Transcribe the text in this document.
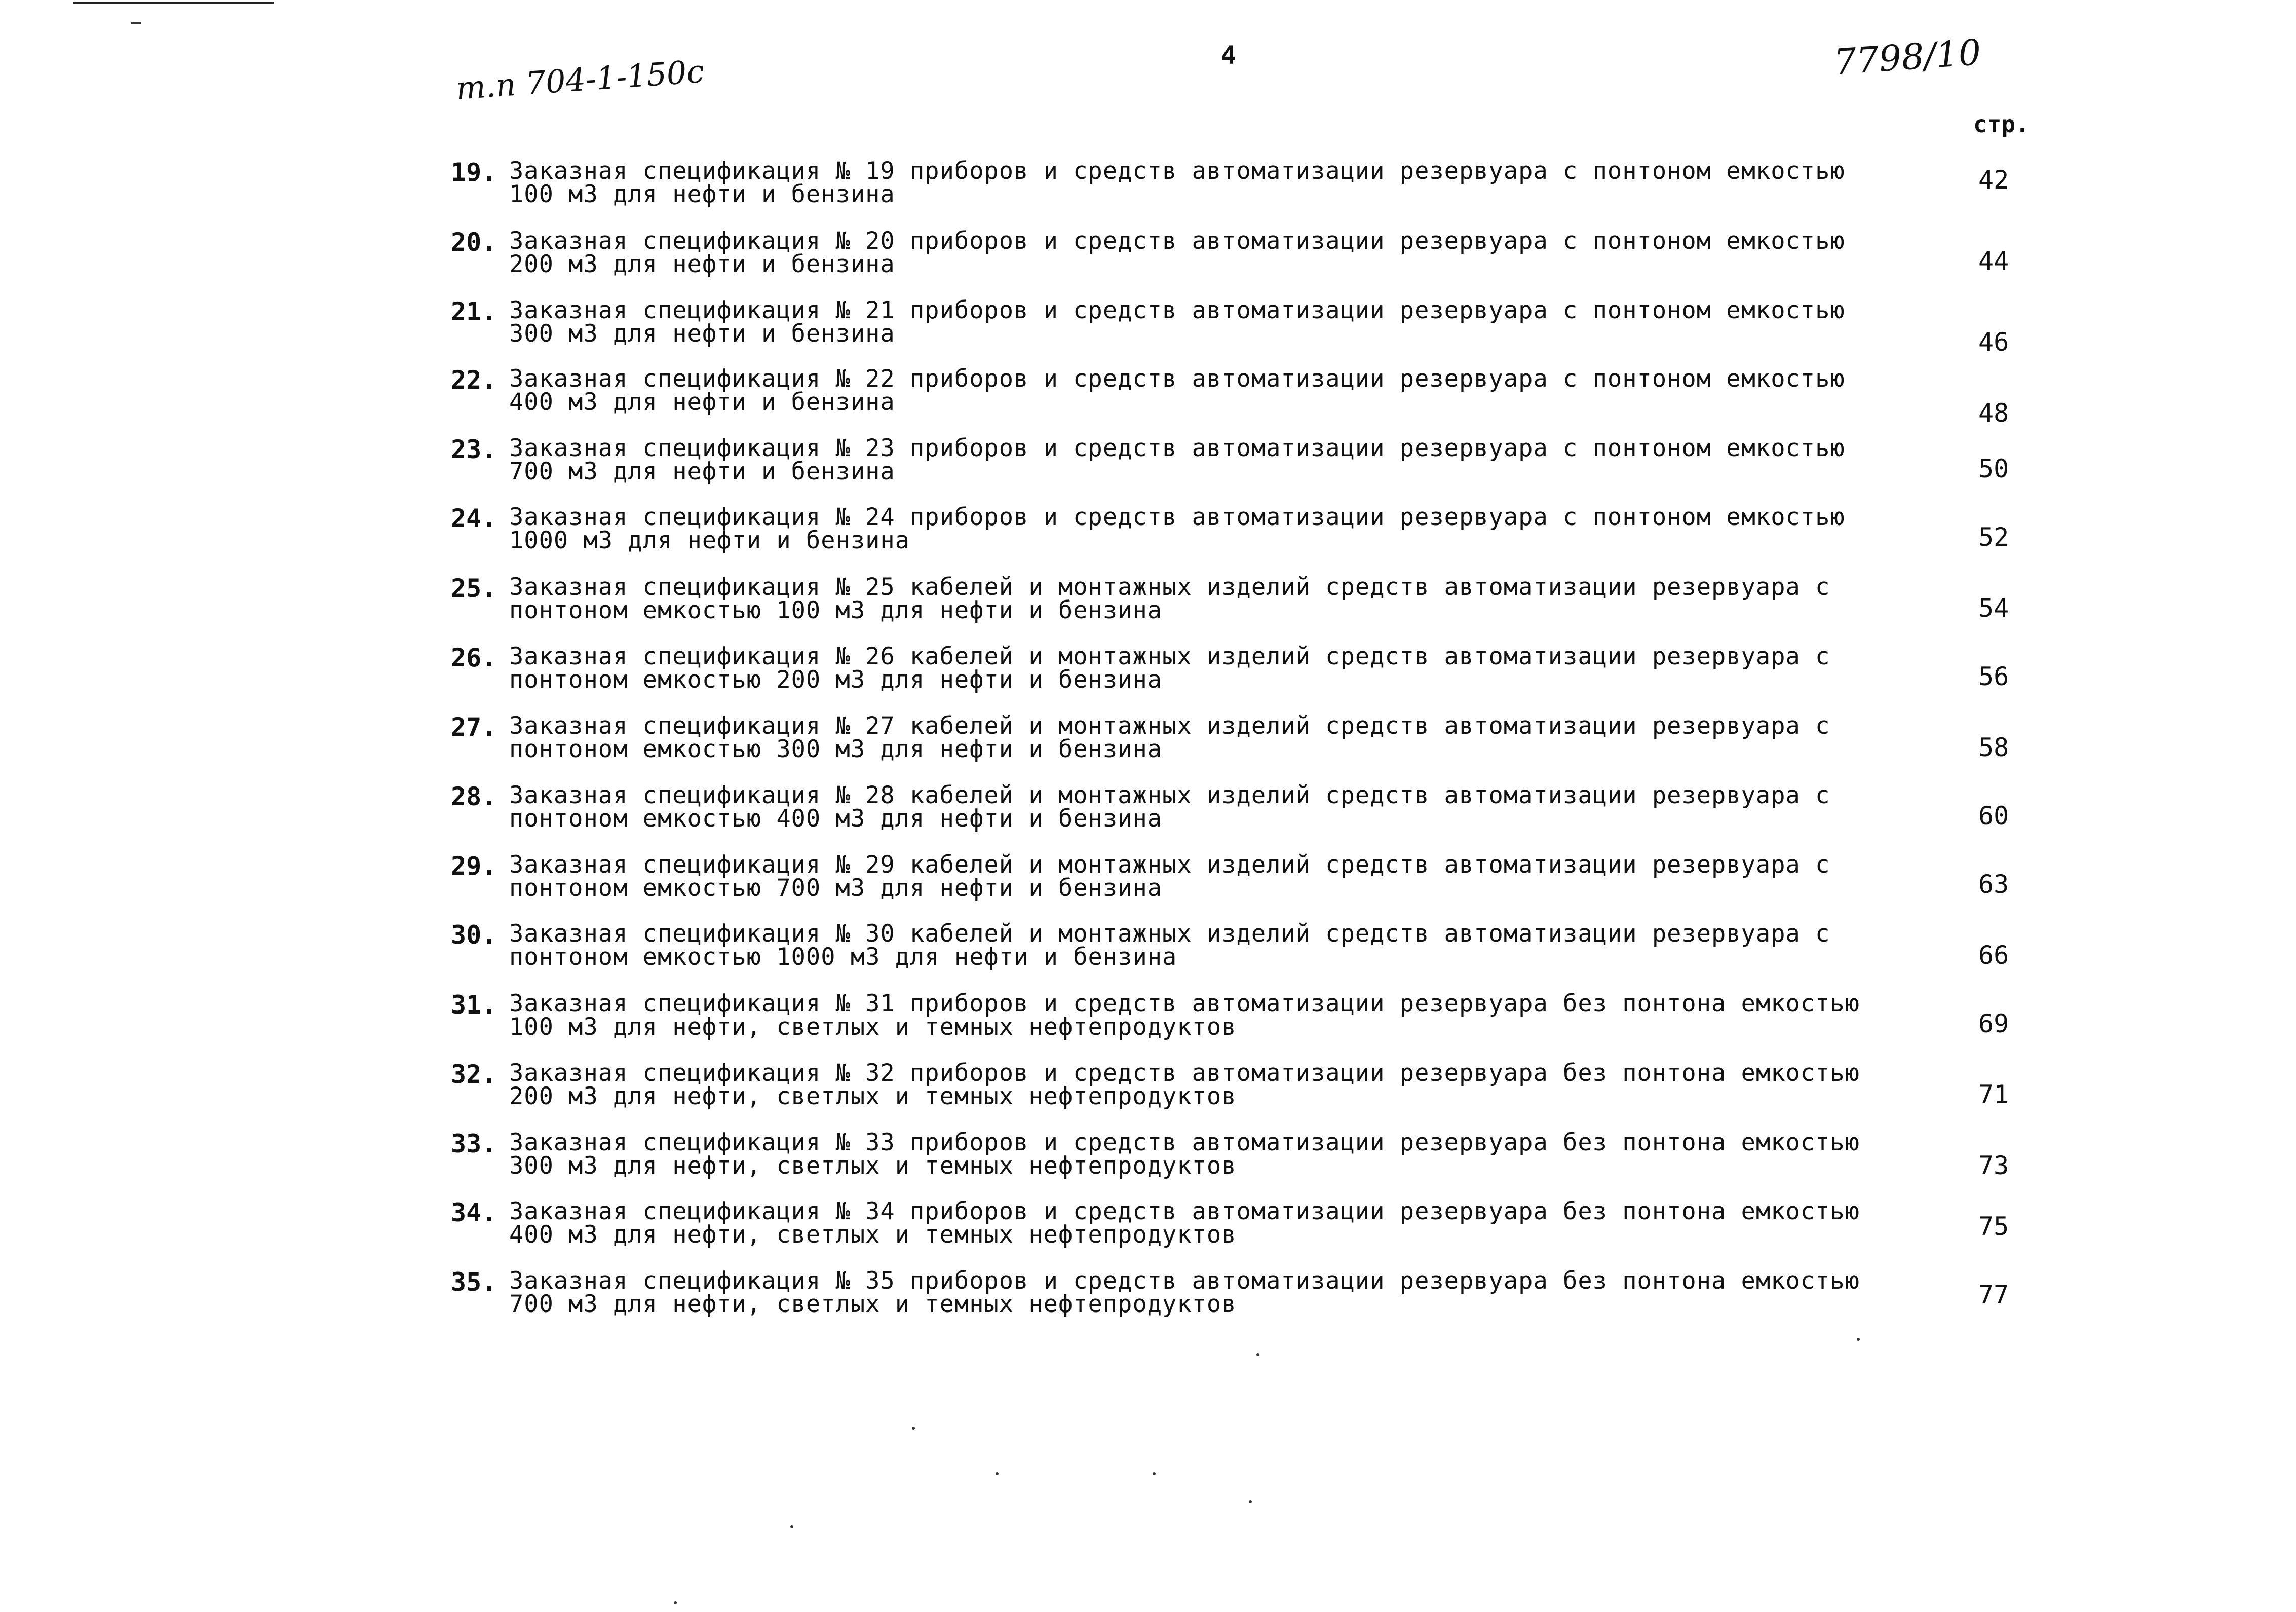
4
т.п 704-1-150с	7798/10
стр.
19. Заказная спецификация № 19 приборов и средств автоматизации резервуара с понтоном емкостью
100 м3 для нефти и бензина	42
20. Заказная спецификация № 20 приборов и средств автоматизации резервуара с понтоном емкостью
200 м3 для нефти и бензина	44
21. Заказная спецификация № 21 приборов и средств автоматизации резервуара с понтоном емкостью
300 м3 для нефти и бензина	46
22. Заказная спецификация № 22 приборов и средств автоматизации резервуара с понтоном емкостью
400 м3 для нефти и бензина	48
23. Заказная спецификация № 23 приборов и средств автоматизации резервуара с понтоном емкостью
700 м3 для нефти и бензина	50
24. Заказная спецификация № 24 приборов и средств автоматизации резервуара с понтоном емкостью
1000 м3 для нефти и бензина	52
25. Заказная спецификация № 25 кабелей и монтажных изделий средств автоматизации резервуара с
понтоном емкостью 100 м3 для нефти и бензина	54
26. Заказная спецификация № 26 кабелей и монтажных изделий средств автоматизации резервуара с
понтоном емкостью 200 м3 для нефти и бензина	56
27. Заказная спецификация № 27 кабелей и монтажных изделий средств автоматизации резервуара с
понтоном емкостью 300 м3 для нефти и бензина	58
28. Заказная спецификация № 28 кабелей и монтажных изделий средств автоматизации резервуара с
понтоном емкостью 400 м3 для нефти и бензина	60
29. Заказная спецификация № 29 кабелей и монтажных изделий средств автоматизации резервуара с
понтоном емкостью 700 м3 для нефти и бензина	63
30. Заказная спецификация № 30 кабелей и монтажных изделий средств автоматизации резервуара с
понтоном емкостью 1000 м3 для нефти и бензина	66
31. Заказная спецификация № 31 приборов и средств автоматизации резервуара без понтона емкостью
100 м3 для нефти, светлых и темных нефтепродуктов	69
32. Заказная спецификация № 32 приборов и средств автоматизации резервуара без понтона емкостью
200 м3 для нефти, светлых и темных нефтепродуктов	71
33. Заказная спецификация № 33 приборов и средств автоматизации резервуара без понтона емкостью
300 м3 для нефти, светлых и темных нефтепродуктов	73
34. Заказная спецификация № 34 приборов и средств автоматизации резервуара без понтона емкостью
400 м3 для нефти, светлых и темных нефтепродуктов	75
35. Заказная спецификация № 35 приборов и средств автоматизации резервуара без понтона емкостью
700 м3 для нефти, светлых и темных нефтепродуктов	77
